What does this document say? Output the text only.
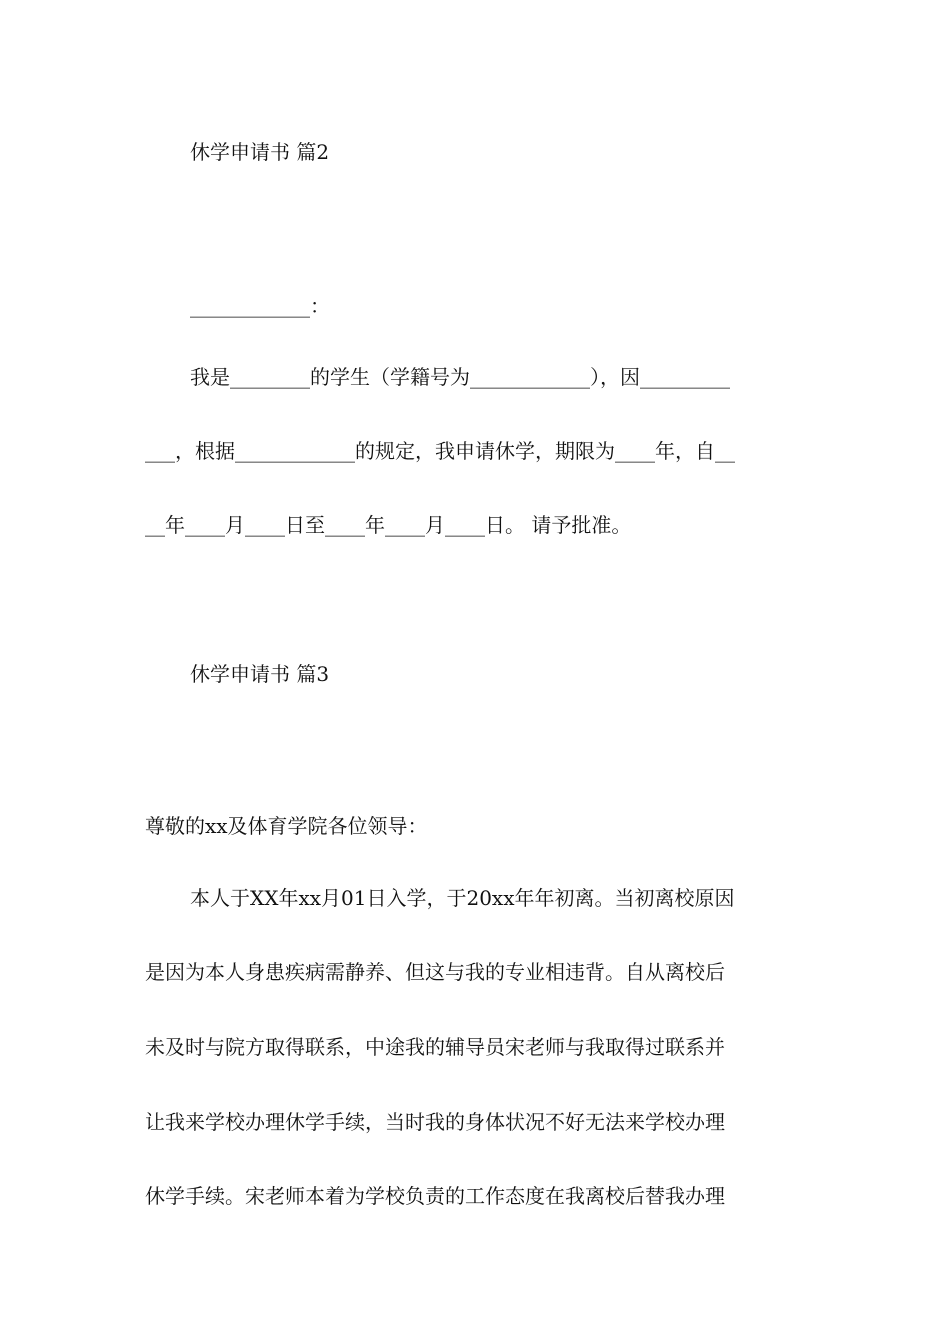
休学申请书 篇2

____________：

我是________的学生（学籍号为____________），因_________

___，根据____________的规定，我申请休学，期限为____年，自__

__年____月____日至____年____月____日。 请予批准。

休学申请书 篇3

尊敬的xx及体育学院各位领导：

本人于XX年xx月01日入学，于20xx年年初离。当初离校原因

是因为本人身患疾病需静养、但这与我的专业相违背。自从离校后

未及时与院方取得联系，中途我的辅导员宋老师与我取得过联系并

让我来学校办理休学手续，当时我的身体状况不好无法来学校办理

休学手续。宋老师本着为学校负责的工作态度在我离校后替我办理
